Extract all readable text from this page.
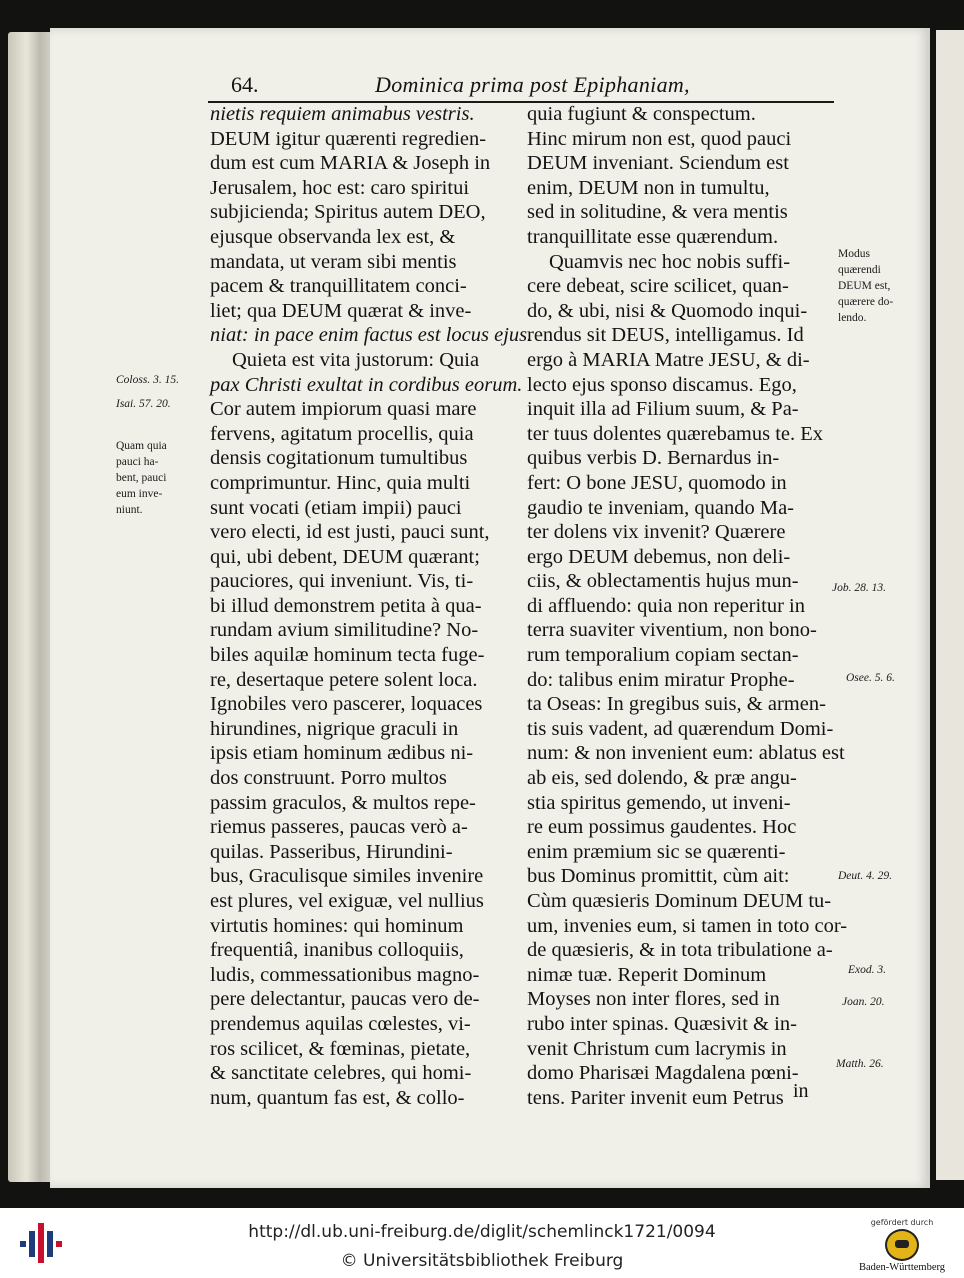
64.	Dominica prima post Epiphaniam,
nietis requiem animabus vestris.
DEUM igitur quærenti regredien-
dum est cum MARIA & Joseph in
Jerusalem, hoc est: caro spiritui
subjicienda; Spiritus autem DEO,
ejusque observanda lex est, &
mandata, ut veram sibi mentis
pacem & tranquillitatem conci-
liet; qua DEUM quærat & inve-
niat: in pace enim factus est locus ejus.
Quieta est vita justorum: Quia
pax Christi exultat in cordibus eorum.
Cor autem impiorum quasi mare
fervens, agitatum procellis, quia
densis cogitationum tumultibus
comprimuntur. Hinc, quia multi
sunt vocati (etiam impii) pauci
vero electi, id est justi, pauci sunt,
qui, ubi debent, DEUM quærant;
pauciores, qui inveniunt. Vis, ti-
bi illud demonstrem petita à qua-
rundam avium similitudine? No-
biles aquilæ hominum tecta fuge-
re, desertaque petere solent loca.
Ignobiles vero pascerer, loquaces
hirundines, nigrique graculi in
ipsis etiam hominum ædibus ni-
dos construunt. Porro multos
passim graculos, & multos repe-
riemus passeres, paucas verò a-
quilas. Passeribus, Hirundini-
bus, Graculisque similes invenire
est plures, vel exiguæ, vel nullius
virtutis homines: qui hominum
frequentiâ, inanibus colloquiis,
ludis, commessationibus magno-
pere delectantur, paucas vero de-
prendemus aquilas cœlestes, vi-
ros scilicet, & fœminas, pietate,
& sanctitate celebres, qui homi-
num, quantum fas est, & collo-
quia fugiunt & conspectum.
Hinc mirum non est, quod pauci
DEUM inveniant. Sciendum est
enim, DEUM non in tumultu,
sed in solitudine, & vera mentis
tranquillitate esse quærendum.
Quamvis nec hoc nobis suffi-
cere debeat, scire scilicet, quan-
do, & ubi, nisi & Quomodo inqui-
rendus sit DEUS, intelligamus. Id
ergo à MARIA Matre JESU, & di-
lecto ejus sponso discamus. Ego,
inquit illa ad Filium suum, & Pa-
ter tuus dolentes quærebamus te. Ex
quibus verbis D. Bernardus in-
fert: O bone JESU, quomodo in
gaudio te inveniam, quando Ma-
ter dolens vix invenit? Quærere
ergo DEUM debemus, non deli-
ciis, & oblectamentis hujus mun-
di affluendo: quia non reperitur in
terra suaviter viventium, non bono-
rum temporalium copiam sectan-
do: talibus enim miratur Prophe-
ta Oseas: In gregibus suis, & armen-
tis suis vadent, ad quærendum Domi-
num: & non invenient eum: ablatus est
ab eis, sed dolendo, & præ angu-
stia spiritus gemendo, ut inveni-
re eum possimus gaudentes. Hoc
enim præmium sic se quærenti-
bus Dominus promittit, cùm ait:
Cùm quæsieris Dominum DEUM tu-
um, invenies eum, si tamen in toto cor-
de quæsieris, & in tota tribulatione a-
nimæ tuæ. Reperit Dominum
Moyses non inter flores, sed in
rubo inter spinas. Quæsivit & in-
venit Christum cum lacrymis in
domo Pharisæi Magdalena pœni-
tens. Pariter invenit eum Petrus
Coloss. 3. 15.
Isai. 57. 20.
Quam quia
pauci ha-
bent, pauci
eum inve-
niunt.
Modus
quærendi
DEUM est,
quærere do-
lendo.
Job. 28. 13.
Osee. 5. 6.
Deut. 4. 29.
Exod. 3.
Joan. 20.
Matth. 26.
in
http://dl.ub.uni-freiburg.de/diglit/schemlinck1721/0094
© Universitätsbibliothek Freiburg
gefördert durch
Baden-Württemberg
